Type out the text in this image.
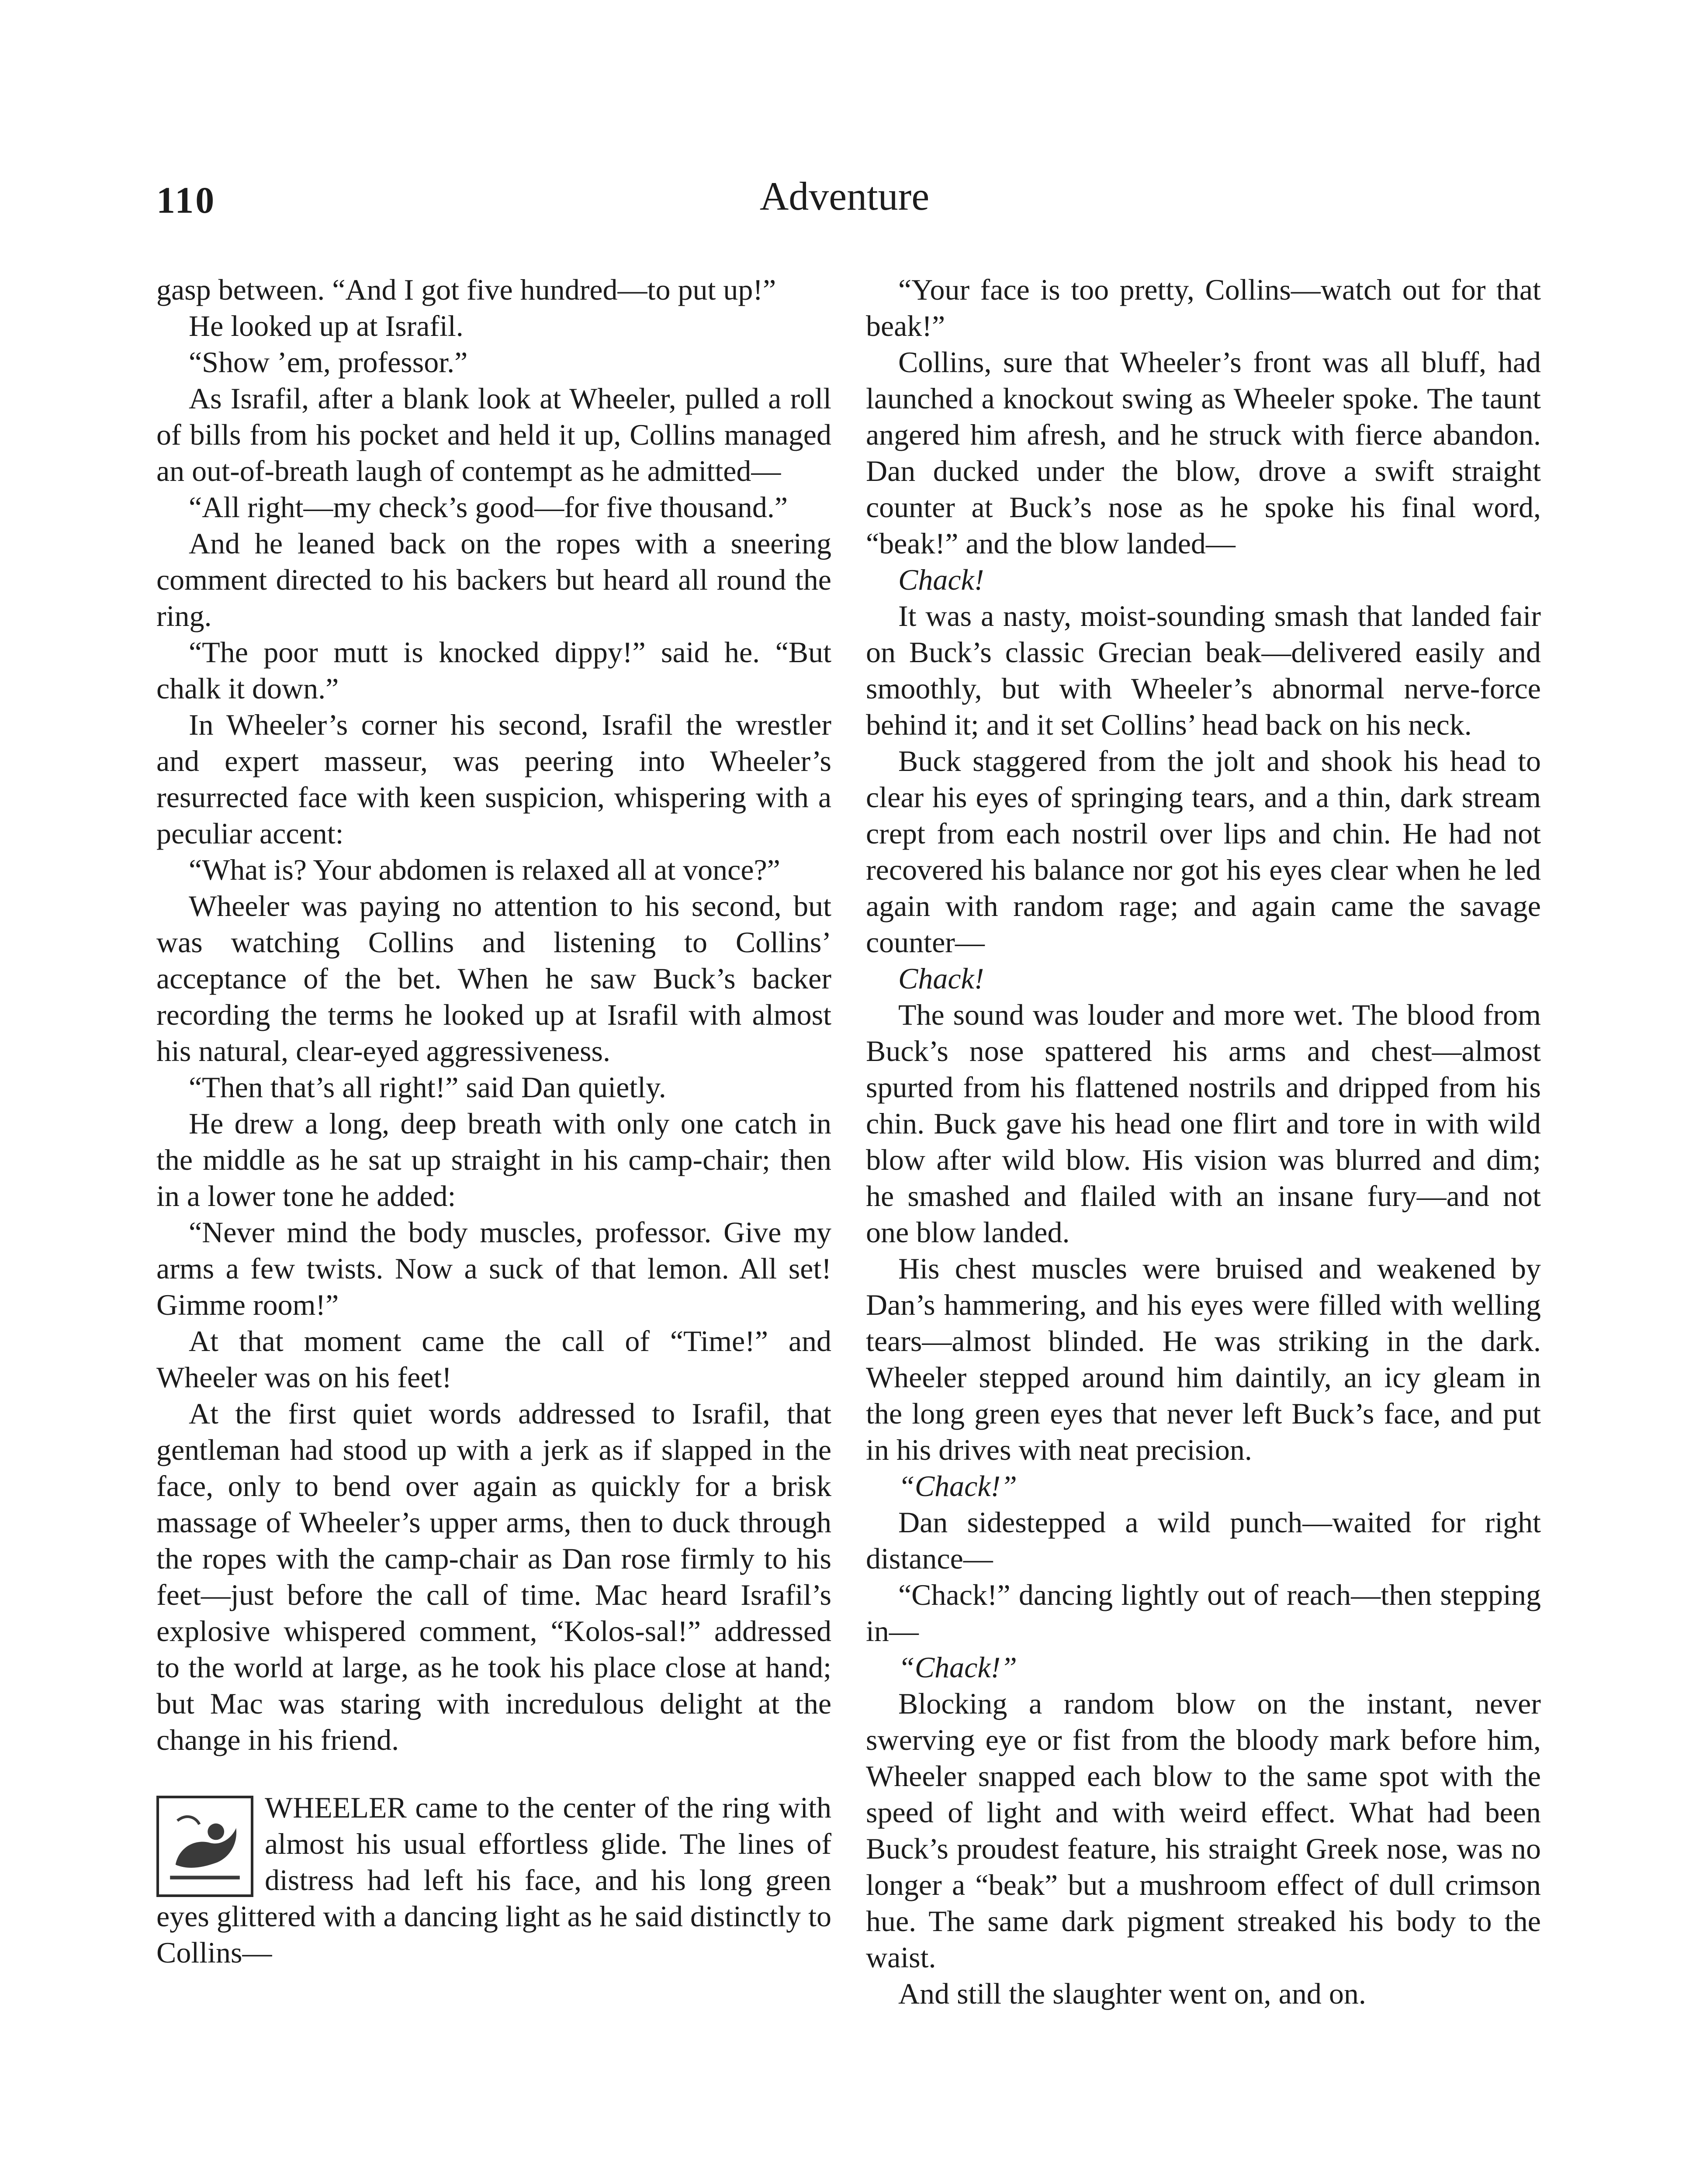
110	Adventure

gasp between. “And I got five hundred—to put up!”

He looked up at Israfil.

“Show ’em, professor.”

As Israfil, after a blank look at Wheeler, pulled a roll of bills from his pocket and held it up, Collins managed an out-of-breath laugh of contempt as he admitted—

“All right—my check’s good—for five thousand.”

And he leaned back on the ropes with a sneering comment directed to his backers but heard all round the ring.

“The poor mutt is knocked dippy!” said he. “But chalk it down.”

In Wheeler’s corner his second, Israfil the wrestler and expert masseur, was peering into Wheeler’s resurrected face with keen suspicion, whispering with a peculiar accent:

“What is? Your abdomen is relaxed all at vonce?”

Wheeler was paying no attention to his second, but was watching Collins and listening to Collins’ acceptance of the bet. When he saw Buck’s backer recording the terms he looked up at Israfil with almost his natural, clear-eyed aggressiveness.

“Then that’s all right!” said Dan quietly.

He drew a long, deep breath with only one catch in the middle as he sat up straight in his camp-chair; then in a lower tone he added:

“Never mind the body muscles, professor. Give my arms a few twists. Now a suck of that lemon. All set! Gimme room!”

At that moment came the call of “Time!” and Wheeler was on his feet!

At the first quiet words addressed to Israfil, that gentleman had stood up with a jerk as if slapped in the face, only to bend over again as quickly for a brisk massage of Wheeler’s upper arms, then to duck through the ropes with the camp-chair as Dan rose firmly to his feet—just before the call of time. Mac heard Israfil’s explosive whispered comment, “Kolos-sal!” addressed to the world at large, as he took his place close at hand; but Mac was staring with incredulous delight at the change in his friend.

WHEELER came to the center of the ring with almost his usual effortless glide. The lines of distress had left his face, and his long green eyes glittered with a dancing light as he said distinctly to Collins—

“Your face is too pretty, Collins—watch out for that beak!”

Collins, sure that Wheeler’s front was all bluff, had launched a knockout swing as Wheeler spoke. The taunt angered him afresh, and he struck with fierce abandon. Dan ducked under the blow, drove a swift straight counter at Buck’s nose as he spoke his final word, “beak!” and the blow landed—

Chack!

It was a nasty, moist-sounding smash that landed fair on Buck’s classic Grecian beak—delivered easily and smoothly, but with Wheeler’s abnormal nerve-force behind it; and it set Collins’ head back on his neck.

Buck staggered from the jolt and shook his head to clear his eyes of springing tears, and a thin, dark stream crept from each nostril over lips and chin. He had not recovered his balance nor got his eyes clear when he led again with random rage; and again came the savage counter—

Chack!

The sound was louder and more wet. The blood from Buck’s nose spattered his arms and chest—almost spurted from his flattened nostrils and dripped from his chin. Buck gave his head one flirt and tore in with wild blow after wild blow. His vision was blurred and dim; he smashed and flailed with an insane fury—and not one blow landed.

His chest muscles were bruised and weakened by Dan’s hammering, and his eyes were filled with welling tears—almost blinded. He was striking in the dark. Wheeler stepped around him daintily, an icy gleam in the long green eyes that never left Buck’s face, and put in his drives with neat precision.

“Chack!”

Dan sidestepped a wild punch—waited for right distance—

“Chack!” dancing lightly out of reach—then stepping in—

“Chack!”

Blocking a random blow on the instant, never swerving eye or fist from the bloody mark before him, Wheeler snapped each blow to the same spot with the speed of light and with weird effect. What had been Buck’s proudest feature, his straight Greek nose, was no longer a “beak” but a mushroom effect of dull crimson hue. The same dark pigment streaked his body to the waist.

And still the slaughter went on, and on.
